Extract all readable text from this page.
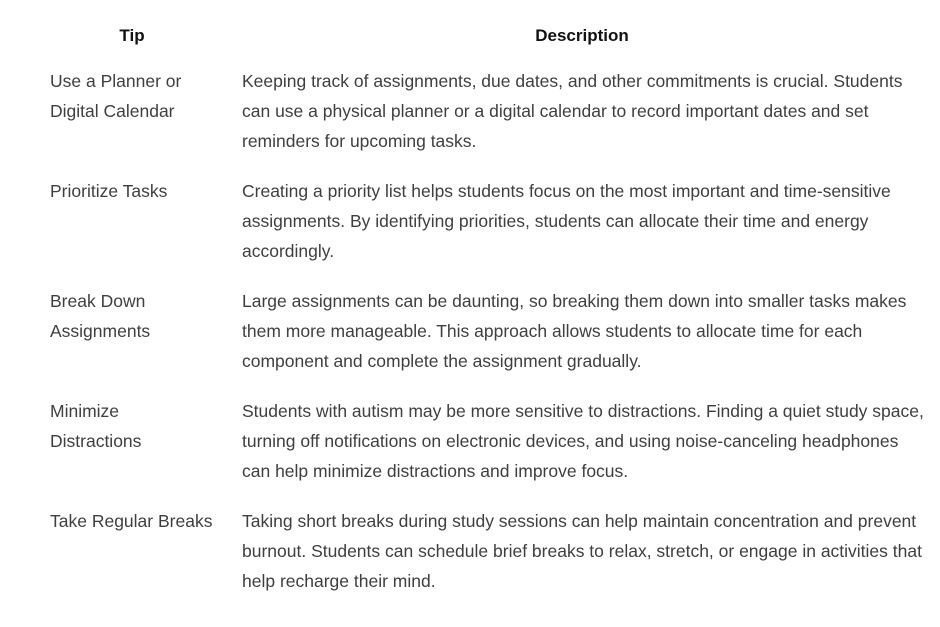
Tip	Description
Use a Planner or Digital Calendar	Keeping track of assignments, due dates, and other commitments is crucial. Students can use a physical planner or a digital calendar to record important dates and set reminders for upcoming tasks.
Prioritize Tasks	Creating a priority list helps students focus on the most important and time-sensitive assignments. By identifying priorities, students can allocate their time and energy accordingly.
Break Down Assignments	Large assignments can be daunting, so breaking them down into smaller tasks makes them more manageable. This approach allows students to allocate time for each component and complete the assignment gradually.
Minimize Distractions	Students with autism may be more sensitive to distractions. Finding a quiet study space, turning off notifications on electronic devices, and using noise-canceling headphones can help minimize distractions and improve focus.
Take Regular Breaks	Taking short breaks during study sessions can help maintain concentration and prevent burnout. Students can schedule brief breaks to relax, stretch, or engage in activities that help recharge their mind.
